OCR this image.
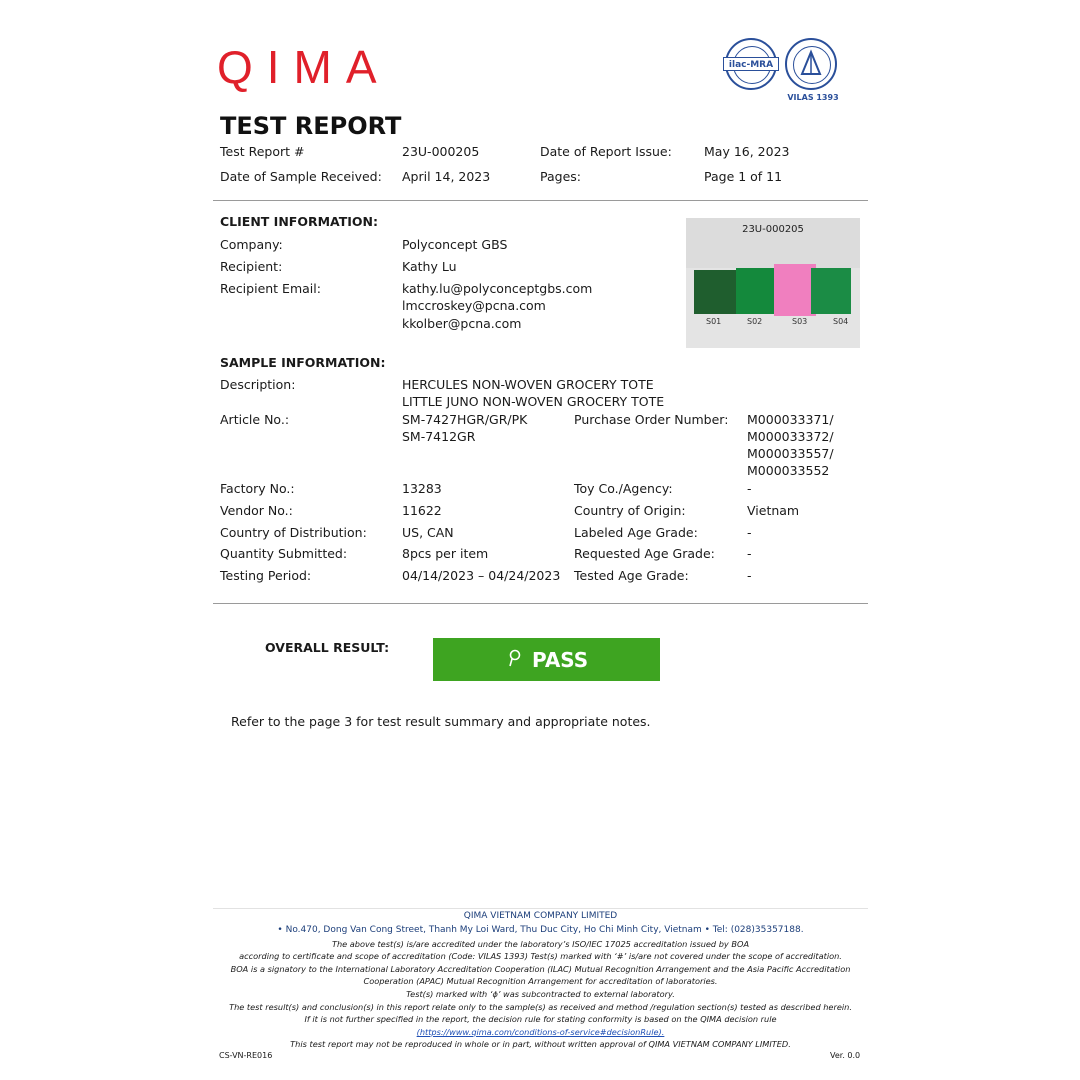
QIMA	ilac-MRA
VILAS 1393
TEST REPORT
Test Report #	23U-000205	Date of Report Issue:	May 16, 2023
Date of Sample Received: April 14, 2023	Pages:	Page 1 of 11
CLIENT INFORMATION:
Company:	Polyconcept GBS
Recipient:	Kathy Lu
Recipient Email:	kathy.lu@polyconceptgbs.com
lmccroskey@pcna.com
kkolber@pcna.com
23U-000205
S01	S02	S03	S04
SAMPLE INFORMATION:
Description:	HERCULES NON-WOVEN GROCERY TOTE
LITTLE JUNO NON-WOVEN GROCERY TOTE
Article No.:	SM-7427HGR/GR/PK
SM-7412GR
Purchase Order Number: M000033371/
M000033372/
M000033557/
M000033552
Factory No.:	13283	Toy Co./Agency:	-
Vendor No.:	11622	Country of Origin:	Vietnam
Country of Distribution:	US, CAN	Labeled Age Grade:	-
Quantity Submitted:	8pcs per item	Requested Age Grade:	-
Testing Period:	04/14/2023 – 04/24/2023 Tested Age Grade:	-
OVERALL RESULT:
PASS
Refer to the page 3 for test result summary and appropriate notes.
QIMA VIETNAM COMPANY LIMITED
• No.470, Dong Van Cong Street, Thanh My Loi Ward, Thu Duc City, Ho Chi Minh City, Vietnam • Tel: (028)35357188.
The above test(s) is/are accredited under the laboratory’s ISO/IEC 17025 accreditation issued by BOA
according to certificate and scope of accreditation (Code: VILAS 1393) Test(s) marked with ‘#’ is/are not covered under the scope of accreditation.
BOA is a signatory to the International Laboratory Accreditation Cooperation (ILAC) Mutual Recognition Arrangement and the Asia Pacific Accreditation
Cooperation (APAC) Mutual Recognition Arrangement for accreditation of laboratories.
Test(s) marked with ‘ϕ’ was subcontracted to external laboratory.
The test result(s) and conclusion(s) in this report relate only to the sample(s) as received and method /regulation section(s) tested as described herein.
If it is not further specified in the report, the decision rule for stating conformity is based on the QIMA decision rule
(https://www.qima.com/conditions-of-service#decisionRule).
This test report may not be reproduced in whole or in part, without written approval of QIMA VIETNAM COMPANY LIMITED.
CS-VN-RE016	Ver. 0.0
